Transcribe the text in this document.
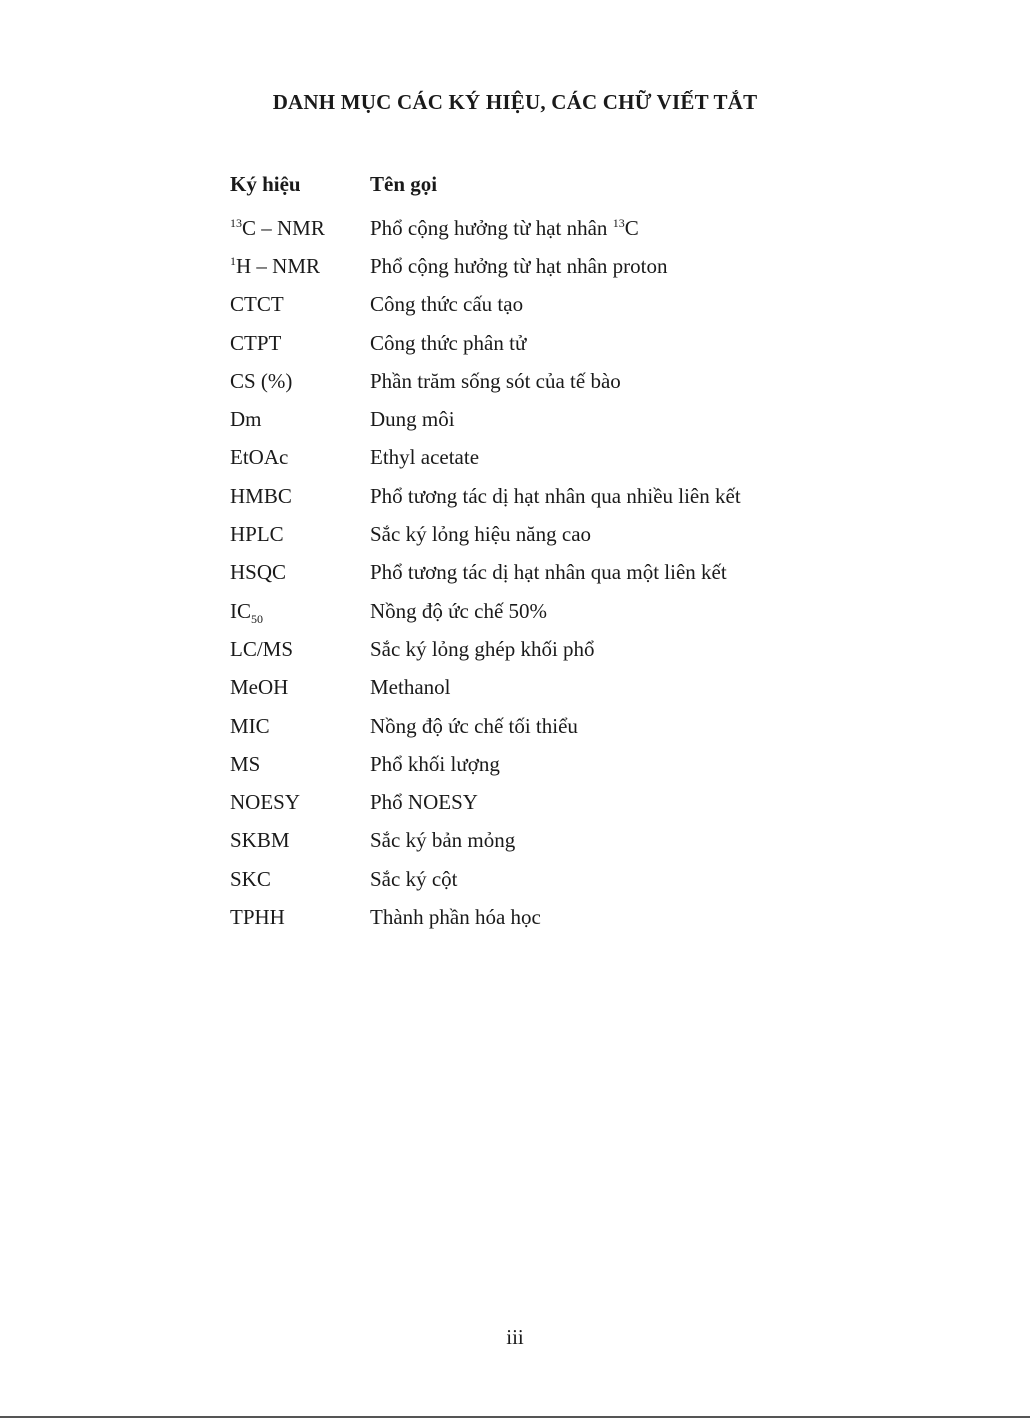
DANH MỤC CÁC KÝ HIỆU, CÁC CHỮ VIẾT TẮT
Ký hiệu	Tên gọi
$^{13}$C – NMR	Phổ cộng hưởng từ hạt nhân $^{13}$C
$^1$H – NMR	Phổ cộng hưởng từ hạt nhân proton
CTCT	Công thức cấu tạo
CTPT	Công thức phân tử
CS (%)	Phần trăm sống sót của tế bào
Dm	Dung môi
EtOAc	Ethyl acetate
HMBC	Phổ tương tác dị hạt nhân qua nhiều liên kết
HPLC	Sắc ký lỏng hiệu năng cao
HSQC	Phổ tương tác dị hạt nhân qua một liên kết
$IC_{50}$	Nồng độ ức chế 50%
LC/MS	Sắc ký lỏng ghép khối phổ
MeOH	Methanol
MIC	Nồng độ ức chế tối thiểu
MS	Phổ khối lượng
NOESY	Phổ NOESY
SKBM	Sắc ký bản mỏng
SKC	Sắc ký cột
TPHH	Thành phần hóa học
iii
